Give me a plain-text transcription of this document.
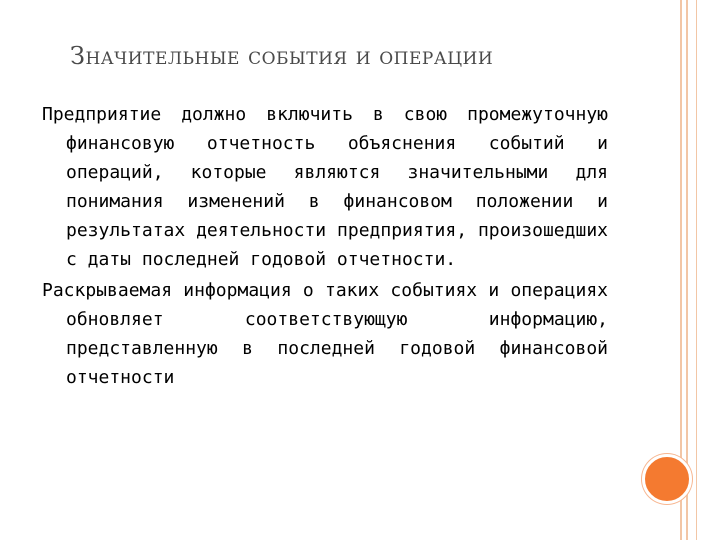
Значительные события и операции

Предприятие должно включить в свою промежуточную финансовую отчетность объяснения событий и операций, которые являются значительными для понимания изменений в финансовом положении и результатах деятельности предприятия, произошедших с даты последней годовой отчетности.

Раскрываемая информация о таких событиях и операциях обновляет соответствующую информацию, представленную в последней годовой финансовой отчетности
